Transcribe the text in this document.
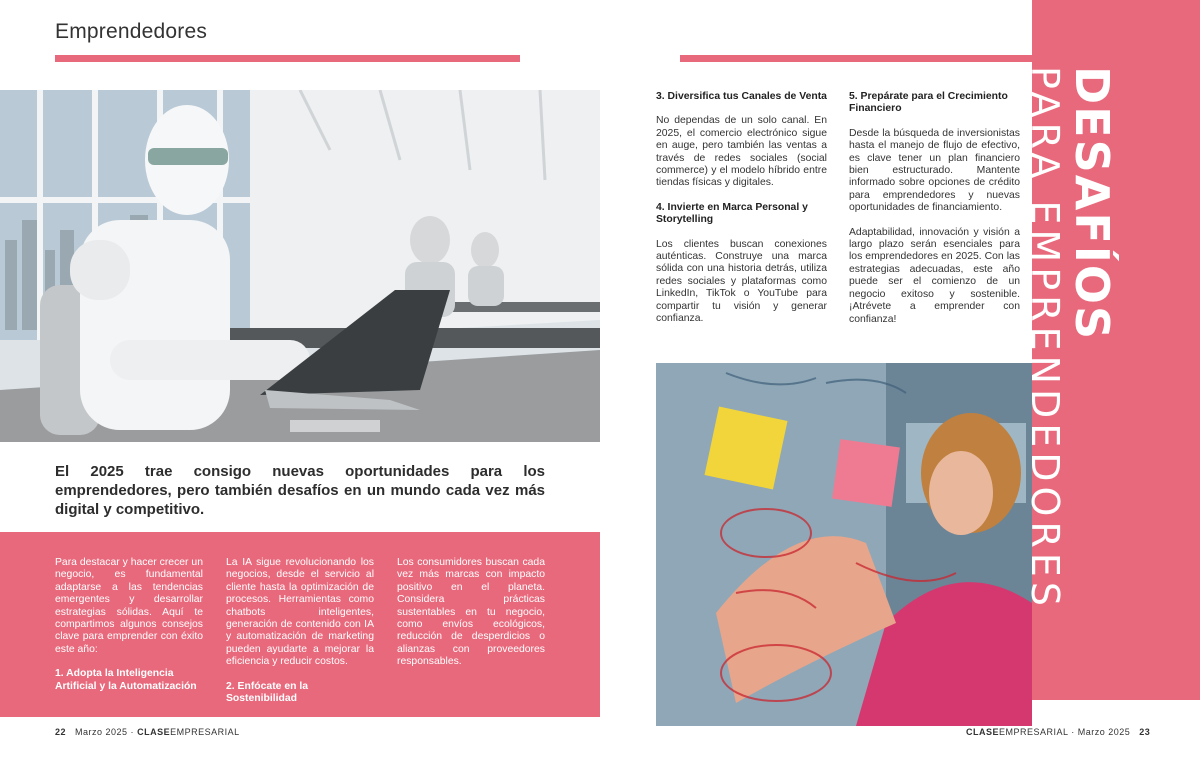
Emprendedores
El 2025 trae consigo nuevas oportunidades para los emprendedores, pero también desafíos en un mundo cada vez más digital y competitivo.

Para destacar y hacer crecer un negocio, es fundamental adaptarse a las tendencias emergentes y desarrollar estrategias sólidas. Aquí te compartimos algunos consejos clave para emprender con éxito este año:

1. Adopta la Inteligencia Artificial y la Automatización

La IA sigue revolucionando los negocios, desde el servicio al cliente hasta la optimización de procesos. Herramientas como chatbots inteligentes, generación de contenido con IA y automatización de marketing pueden ayudarte a mejorar la eficiencia y reducir costos.

2. Enfócate en la Sostenibilidad

Los consumidores buscan cada vez más marcas con impacto positivo en el planeta. Considera prácticas sustentables en tu negocio, como envíos ecológicos, reducción de desperdicios o alianzas con proveedores responsables.

3. Diversifica tus Canales de Venta

No dependas de un solo canal. En 2025, el comercio electrónico sigue en auge, pero también las ventas a través de redes sociales (social commerce) y el modelo híbrido entre tiendas físicas y digitales.

4. Invierte en Marca Personal y Storytelling

Los clientes buscan conexiones auténticas. Construye una marca sólida con una historia detrás, utiliza redes sociales y plataformas como LinkedIn, TikTok o YouTube para compartir tu visión y generar confianza.

5. Prepárate para el Crecimiento Financiero

Desde la búsqueda de inversionistas hasta el manejo de flujo de efectivo, es clave tener un plan financiero bien estructurado. Mantente informado sobre opciones de crédito para emprendedores y nuevas oportunidades de financiamiento.

Adaptabilidad, innovación y visión a largo plazo serán esenciales para los emprendedores en 2025. Con las estrategias adecuadas, este año puede ser el comienzo de un negocio exitoso y sostenible. ¡Atrévete a emprender con confianza!	DESAFÍOS
PARA EMPRENDEDORES
22 Marzo 2025 · CLASEEMPRESARIAL	CLASEEMPRESARIAL · Marzo 2025 23
